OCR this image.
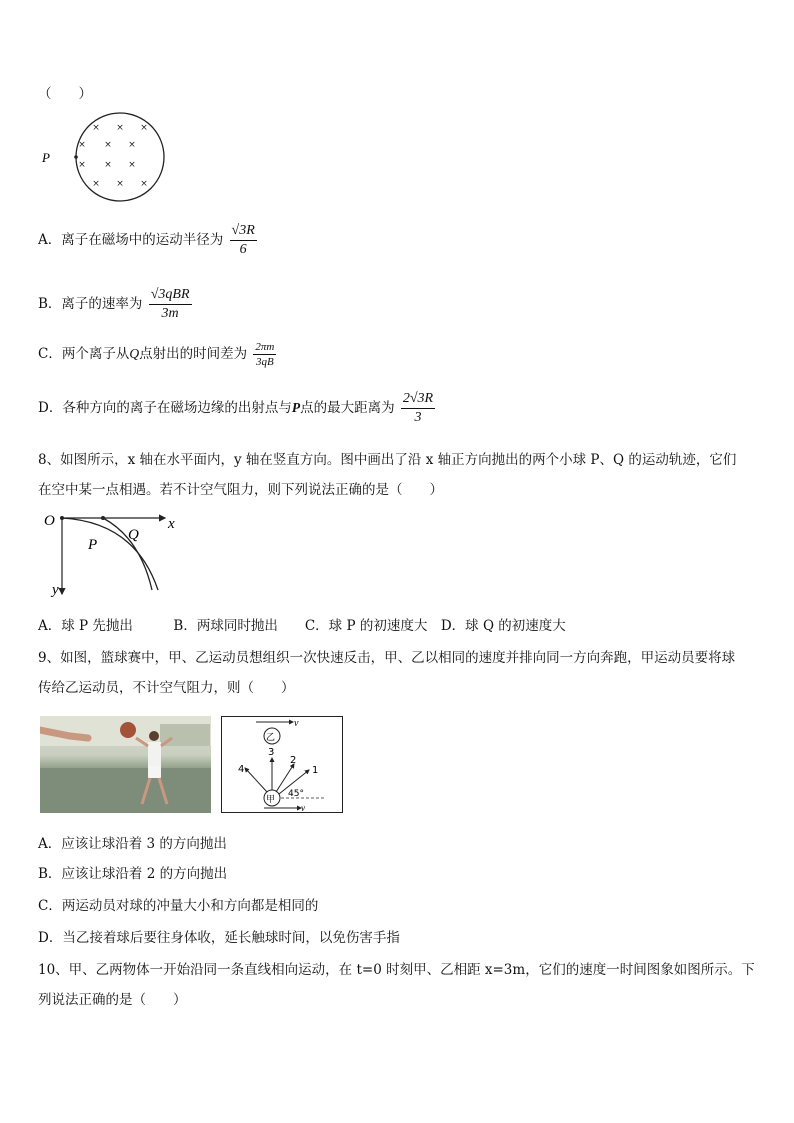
（　　）
× × ×
× × ×
× × ×
× × ×
P
A．离子在磁场中的运动半径为 $\frac{√3R}{6}$
B．离子的速率为 $\frac{\text{√3qBR}}{3m}$
C．两个离子从Q点射出的时间差为 $\frac{2\pi m}{3qB}$
D．各种方向的离子在磁场边缘的出射点与P点的最大距离为 $\frac{2√3R}{3}$
8、如图所示，x 轴在水平面内，y 轴在竖直方向。图中画出了沿 x 轴正方向抛出的两个小球 P、Q 的运动轨迹，它们
在空中某一点相遇。若不计空气阻力，则下列说法正确的是（　　）
O	x
y
P
Q
A．球 P 先抛出　　　B．两球同时抛出　　C．球 P 的初速度大　D．球 Q 的初速度大
9、如图，篮球赛中，甲、乙运动员想组织一次快速反击，甲、乙以相同的速度并排向同一方向奔跑，甲运动员要将球
传给乙运动员，不计空气阻力，则（　　）
v
乙
甲
v
3
2
1
4
45°
A．应该让球沿着 3 的方向抛出
B．应该让球沿着 2 的方向抛出
C．两运动员对球的冲量大小和方向都是相同的
D．当乙接着球后要往身体收，延长触球时间，以免伤害手指
10、甲、乙两物体一开始沿同一条直线相向运动，在 t=0 时刻甲、乙相距 x=3m，它们的速度一时间图象如图所示。下
列说法正确的是（　　）
